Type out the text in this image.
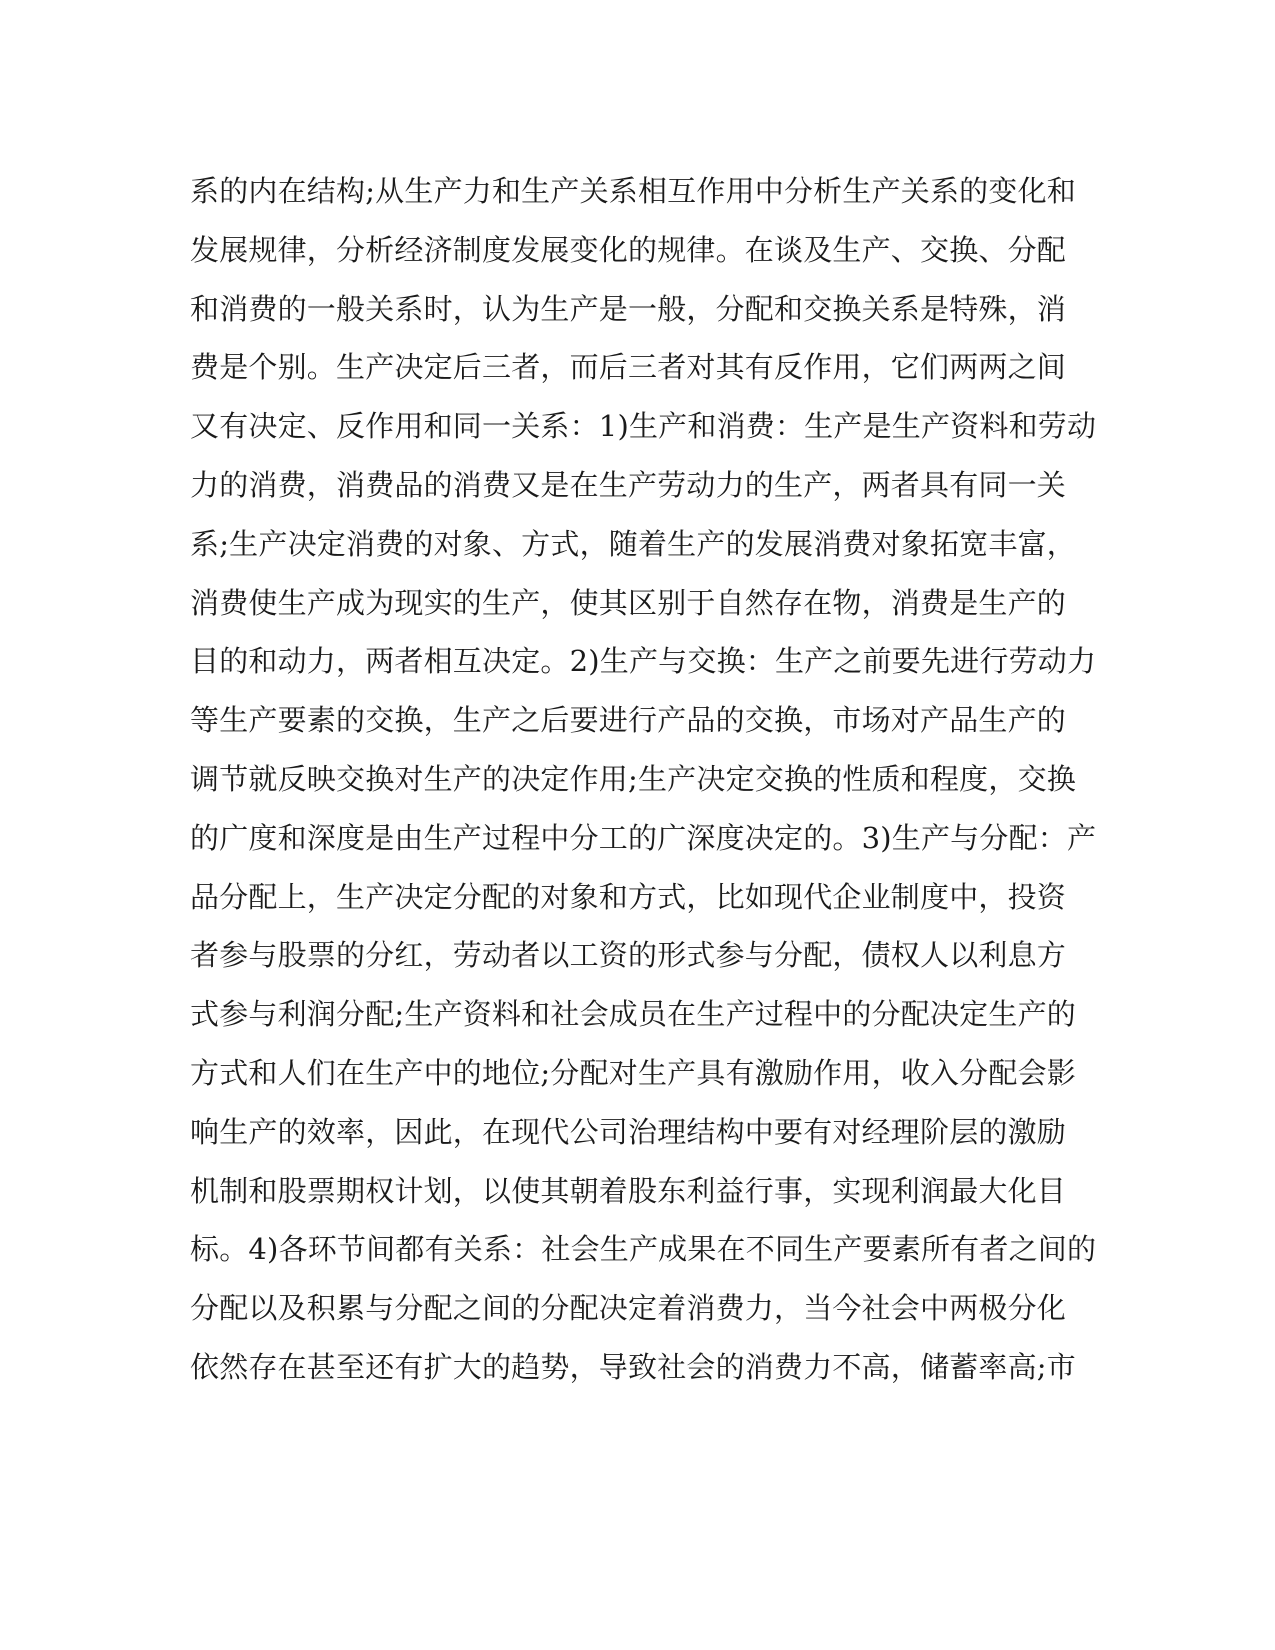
系的内在结构;从生产力和生产关系相互作用中分析生产关系的变化和
发展规律，分析经济制度发展变化的规律。在谈及生产、交换、分配
和消费的一般关系时，认为生产是一般，分配和交换关系是特殊，消
费是个别。生产决定后三者，而后三者对其有反作用，它们两两之间
又有决定、反作用和同一关系：1)生产和消费：生产是生产资料和劳动
力的消费，消费品的消费又是在生产劳动力的生产，两者具有同一关
系;生产决定消费的对象、方式，随着生产的发展消费对象拓宽丰富，
消费使生产成为现实的生产，使其区别于自然存在物，消费是生产的
目的和动力，两者相互决定。2)生产与交换：生产之前要先进行劳动力
等生产要素的交换，生产之后要进行产品的交换，市场对产品生产的
调节就反映交换对生产的决定作用;生产决定交换的性质和程度，交换
的广度和深度是由生产过程中分工的广深度决定的。3)生产与分配：产
品分配上，生产决定分配的对象和方式，比如现代企业制度中，投资
者参与股票的分红，劳动者以工资的形式参与分配，债权人以利息方
式参与利润分配;生产资料和社会成员在生产过程中的分配决定生产的
方式和人们在生产中的地位;分配对生产具有激励作用，收入分配会影
响生产的效率，因此，在现代公司治理结构中要有对经理阶层的激励
机制和股票期权计划，以使其朝着股东利益行事，实现利润最大化目
标。4)各环节间都有关系：社会生产成果在不同生产要素所有者之间的
分配以及积累与分配之间的分配决定着消费力，当今社会中两极分化
依然存在甚至还有扩大的趋势，导致社会的消费力不高，储蓄率高;市
